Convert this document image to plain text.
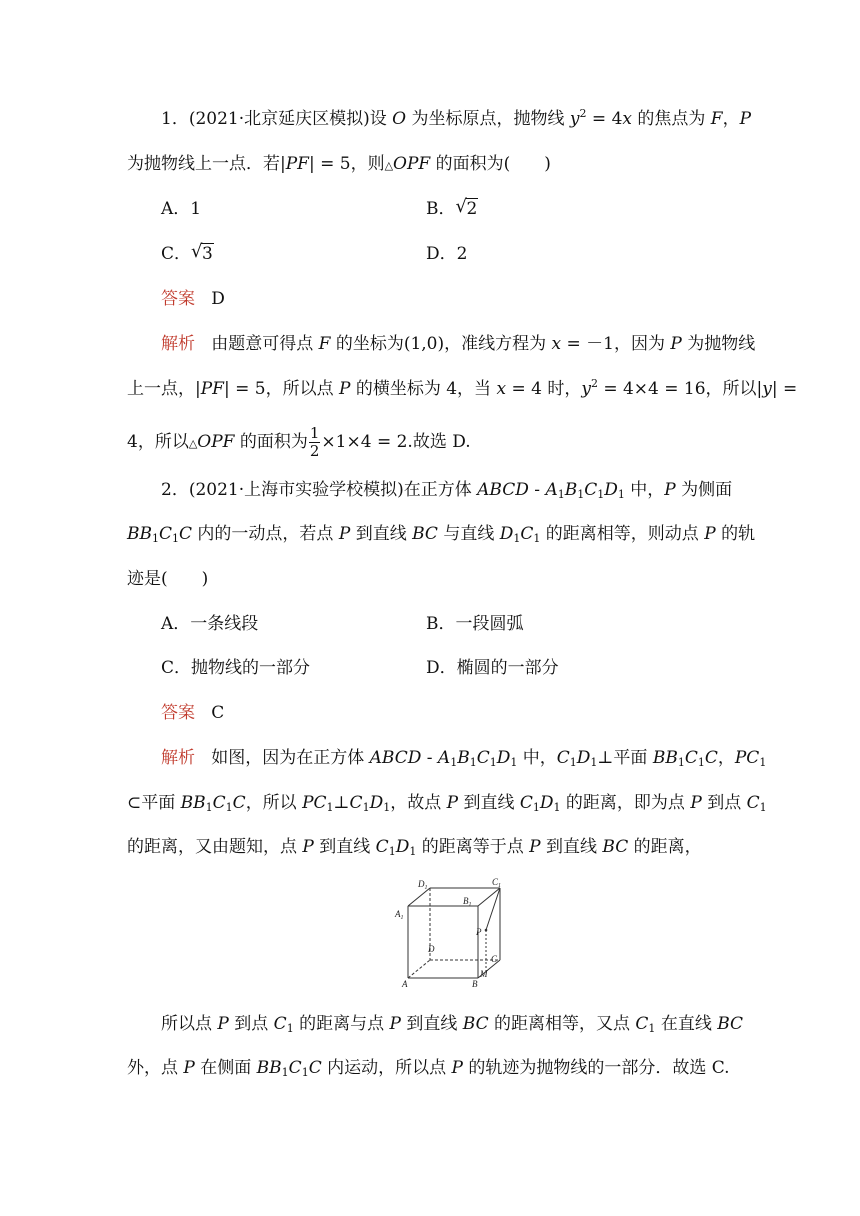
1．(2021·北京延庆区模拟)设 O 为坐标原点，抛物线 $y^2 = 4x$ 的焦点为 F，P
为抛物线上一点．若|PF| = 5，则△OPF 的面积为(　　)
A．1	B． √ 2
C． √ 3	D．2
答案 D
解析 由题意可得点 F 的坐标为(1,0)，准线方程为 x = －1，因为 P 为抛物线
上一点，|PF| = 5，所以点 P 的横坐标为 4，当 x = 4 时，$y^2 = 4\times 4 = 16$，所以|y| =
4，所以△OPF 的面积为 $\frac{1}{2} \times 1\times 4 = 2$.故选 D.
2．(2021·上海市实验学校模拟)在正方体 ABCD - $A_1B_1C_1D_1$ 中，P 为侧面
$BB_1C_1C$ 内的一动点，若点 P 到直线 BC 与直线 $D_1C_1$ 的距离相等，则动点 P 的轨
迹是(　　)
A．一条线段	B．一段圆弧
C．抛物线的一部分	D．椭圆的一部分
答案 C
解析 如图，因为在正方体 ABCD - $A_1B_1C_1D_1$ 中，$C_1D_1\perp$平面 $BB_1C_1C$，$PC_1$
⊂平面 $BB_1C_1C$，所以 $PC_1\perp C_1D_1$，故点 P 到直线 $C_1D_1$ 的距离，即为点 P 到点 $C_1$
的距离，又由题知，点 P 到直线 $C_1D_1$ 的距离等于点 P 到直线 BC 的距离，
$D_1$
$C_1$
$A_1$
$B_1$
D
P
C
A	B
M
所以点 P 到点 $C_1$ 的距离与点 P 到直线 BC 的距离相等，又点 $C_1$ 在直线 BC
外，点 P 在侧面 $BB_1C_1C$ 内运动，所以点 P 的轨迹为抛物线的一部分．故选 C.
